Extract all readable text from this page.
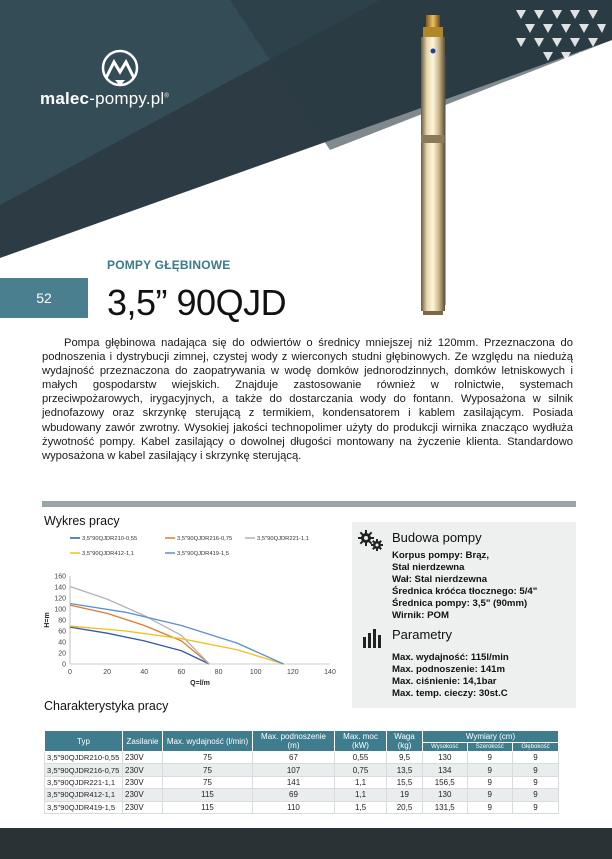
malec-pompy.pl®
52
POMPY GŁĘBINOWE
3,5” 90QJD

Pompa głębinowa nadająca się do odwiertów o średnicy mniejszej niż 120mm. Przeznaczona do podnoszenia i dystrybucji zimnej, czystej wody z wierconych studni głębinowych. Ze względu na niedużą wydajność przeznaczona do zaopatrywania w wodę domków jednorodzinnych, domków letniskowych i małych gospodarstw wiejskich. Znajduje zastosowanie również w rolnictwie, systemach przeciwpożarowych, irygacyjnych, a także do dostarczania wody do fontann. Wyposażona w silnik jednofazowy oraz skrzynkę sterującą z termikiem, kondensatorem i kablem zasilającym. Posiada wbudowany zawór zwrotny. Wysokiej jakości technopolimer użyty do produkcji wirnika znacząco wydłuża żywotność pompy. Kabel zasilający o dowolnej długości montowany na życzenie klienta. Standardowo wyposażona w kabel zasilający i skrzynkę sterującą.

Wykres pracy
0	20	40	60	80	100	120	140
0
20
40
60
80
100
120
140
160
Q=l/m
H=m
3,5"90QJDR210-0,55	3,5"90QJDR216-0,75	3,5"90QJDR221-1,1
3,5"90QJDR412-1,1	3,5"90QJDR419-1,5
Budowa pompy
Korpus pompy: Brąz,
Stal nierdzewna
Wał: Stal nierdzewna
Średnica króćca tłocznego: 5/4"
Średnica pompy: 3,5" (90mm)
Wirnik: POM
Parametry
Max. wydajność: 115l/min
Max. podnoszenie: 141m
Max. ciśnienie: 14,1bar
Max. temp. cieczy: 30st.C
Charakterystyka pracy
Typ	Zasilanie	Max. wydajność (l/min)	Max. podnoszenie (m)	Max. moc (kW)	Waga (kg)	Wymiary (cm)		
						Wysokość	Szerokość	Głębokość
3,5"90QJDR210-0,55	230V	75	67	0,55	9,5	130	9	9
3,5"90QJDR216-0,75	230V	75	107	0,75	13,5	134	9	9
3,5"90QJDR221-1,1	230V	75	141	1,1	15,5	156,5	9	9
3,5"90QJDR412-1,1	230V	115	69	1,1	19	130	9	9
3,5"90QJDR419-1,5	230V	115	110	1,5	20,5	131,5	9	9
